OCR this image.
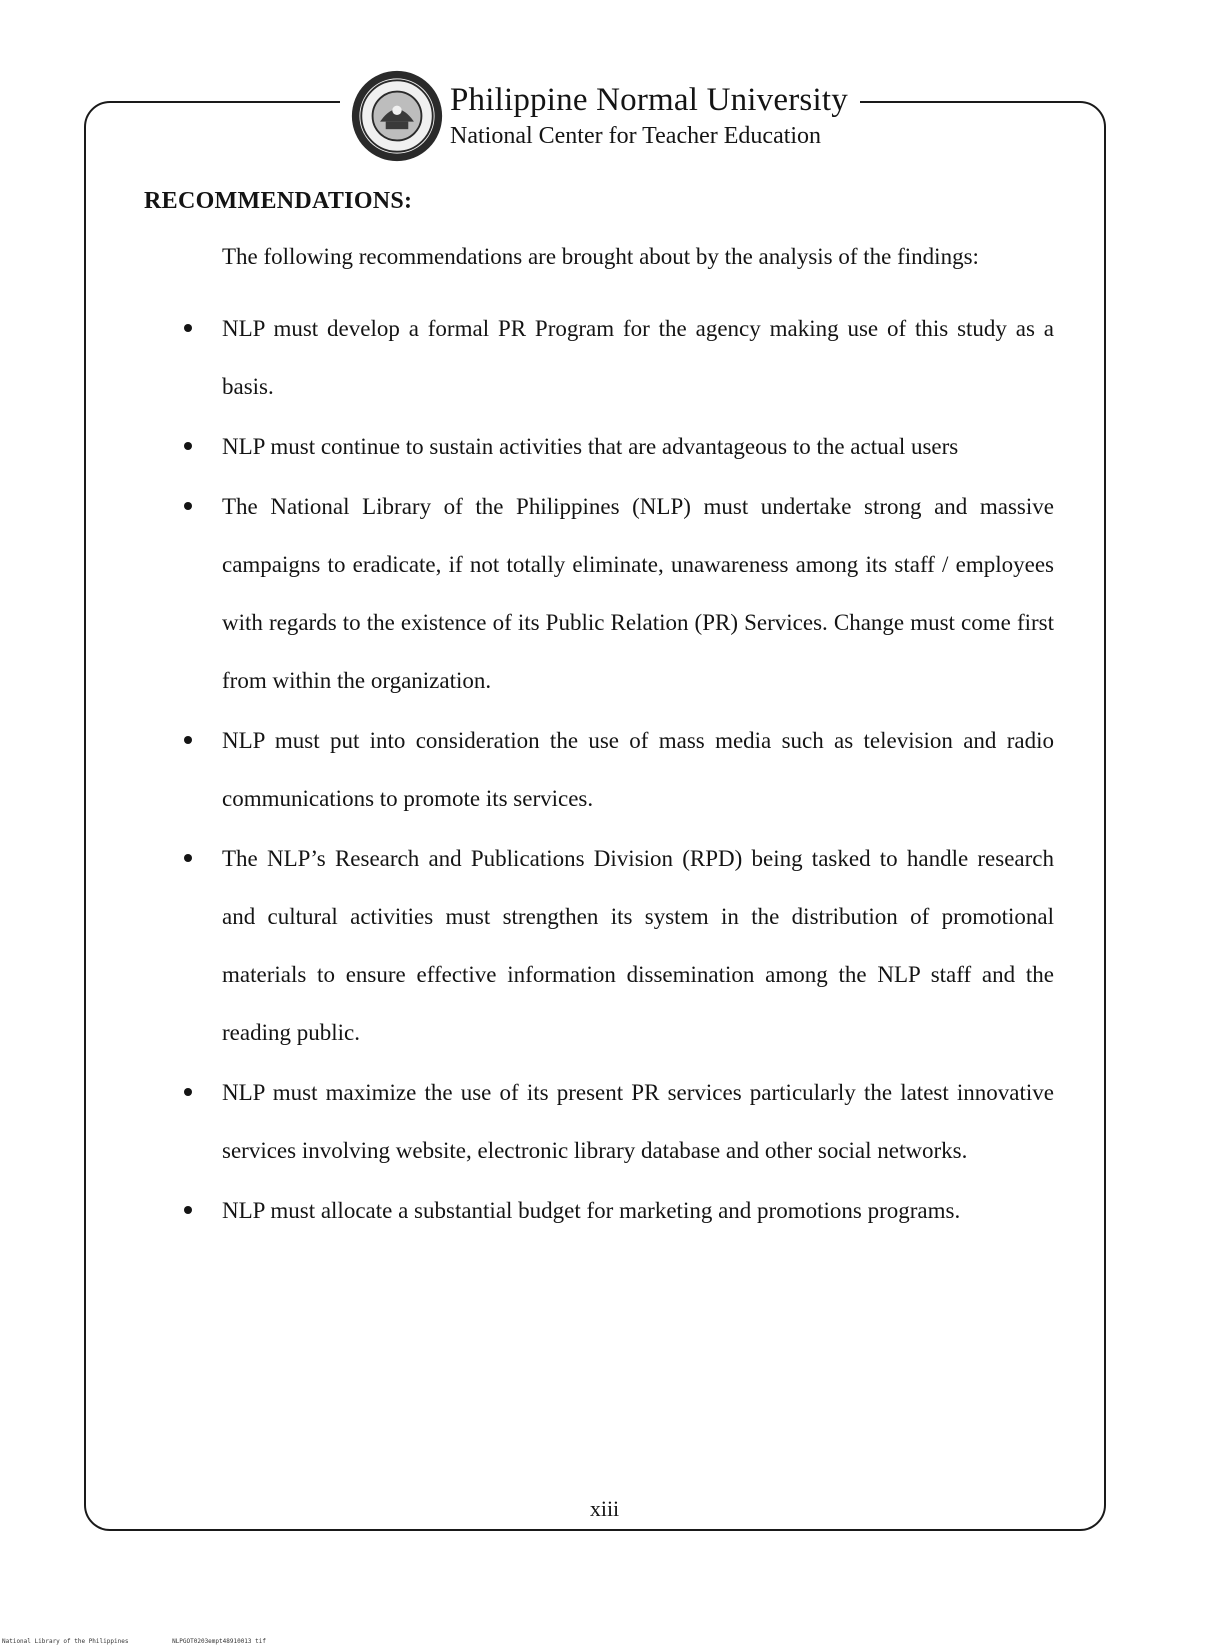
Philippine Normal University
National Center for Teacher Education
RECOMMENDATIONS:
The following recommendations are brought about by the analysis of the findings:
NLP must develop a formal PR Program for the agency making use of this study as a basis.
NLP must continue to sustain activities that are advantageous to the actual users
The National Library of the Philippines (NLP) must undertake strong and massive campaigns to eradicate, if not totally eliminate, unawareness among its staff / employees with regards to the existence of its Public Relation (PR) Services. Change must come first from within the organization.
NLP must put into consideration the use of mass media such as television and radio communications to promote its services.
The NLP’s Research and Publications Division (RPD) being tasked to handle research and cultural activities must strengthen its system in the distribution of promotional materials to ensure effective information dissemination among the NLP staff and the reading public.
NLP must maximize the use of its present PR services particularly the latest innovative services involving website, electronic library database and other social networks.
NLP must allocate a substantial budget for marketing and promotions programs.
xiii
National Library of the Philippines	NLPGOT0203empt48910013 tif
